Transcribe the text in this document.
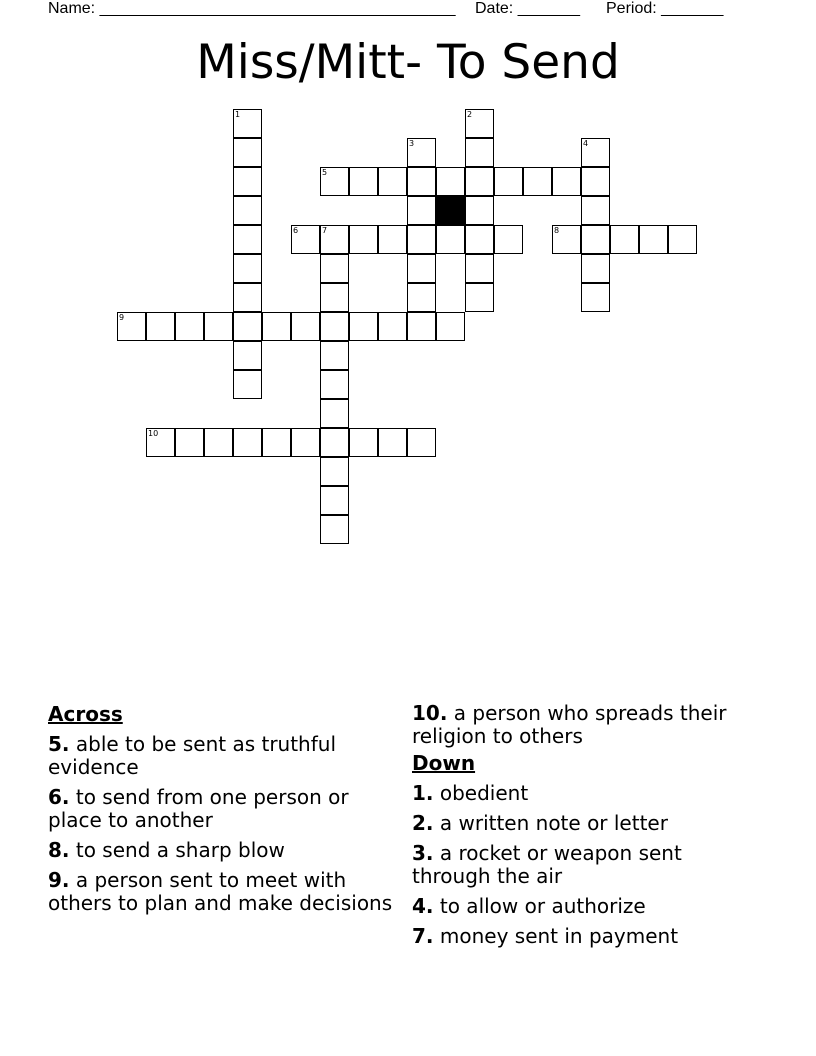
Name: ________________________________________ Date: _______ Period: _______
Miss/Mitt- To Send
1	2
3	4
5
6	7	8
9
10
Across
5. able to be sent as truthful evidence
6. to send from one person or place to another
8. to send a sharp blow
9. a person sent to meet with others to plan and make decisions
10. a person who spreads their religion to others
Down
1. obedient
2. a written note or letter
3. a rocket or weapon sent through the air
4. to allow or authorize
7. money sent in payment
